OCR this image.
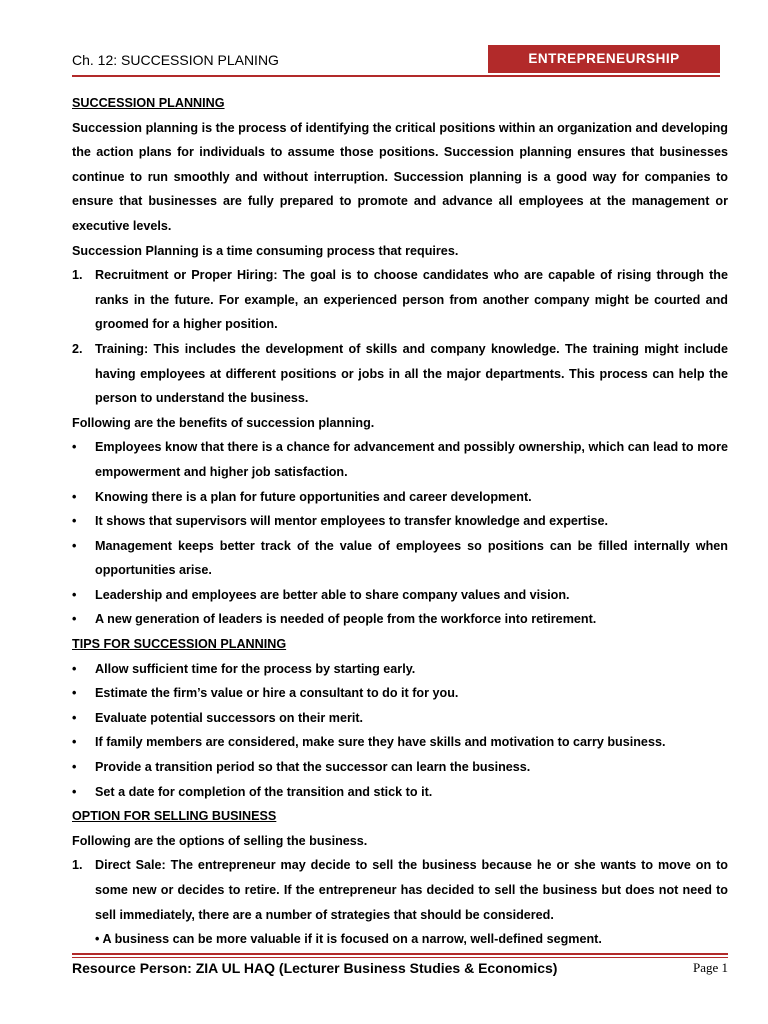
Ch. 12: SUCCESSION PLANING	ENTREPRENEURSHIP

SUCCESSION PLANNING

Succession planning is the process of identifying the critical positions within an organization and developing the action plans for individuals to assume those positions. Succession planning ensures that businesses continue to run smoothly and without interruption. Succession planning is a good way for companies to ensure that businesses are fully prepared to promote and advance all employees at the management or executive levels.

Succession Planning is a time consuming process that requires.

1. Recruitment or Proper Hiring: The goal is to choose candidates who are capable of rising through the ranks in the future. For example, an experienced person from another company might be courted and groomed for a higher position.
2. Training: This includes the development of skills and company knowledge. The training might include having employees at different positions or jobs in all the major departments. This process can help the person to understand the business.

Following are the benefits of succession planning.

• Employees know that there is a chance for advancement and possibly ownership, which can lead to more empowerment and higher job satisfaction.
• Knowing there is a plan for future opportunities and career development.
• It shows that supervisors will mentor employees to transfer knowledge and expertise.
• Management keeps better track of the value of employees so positions can be filled internally when opportunities arise.
• Leadership and employees are better able to share company values and vision.
• A new generation of leaders is needed of people from the workforce into retirement.

TIPS FOR SUCCESSION PLANNING

• Allow sufficient time for the process by starting early.
• Estimate the firm’s value or hire a consultant to do it for you.
• Evaluate potential successors on their merit.
• If family members are considered, make sure they have skills and motivation to carry business.
• Provide a transition period so that the successor can learn the business.
• Set a date for completion of the transition and stick to it.

OPTION FOR SELLING BUSINESS

Following are the options of selling the business.

1. Direct Sale: The entrepreneur may decide to sell the business because he or she wants to move on to some new or decides to retire. If the entrepreneur has decided to sell the business but does not need to sell immediately, there are a number of strategies that should be considered.

• A business can be more valuable if it is focused on a narrow, well-defined segment.

Resource Person: ZIA UL HAQ (Lecturer Business Studies & Economics)	Page 1
